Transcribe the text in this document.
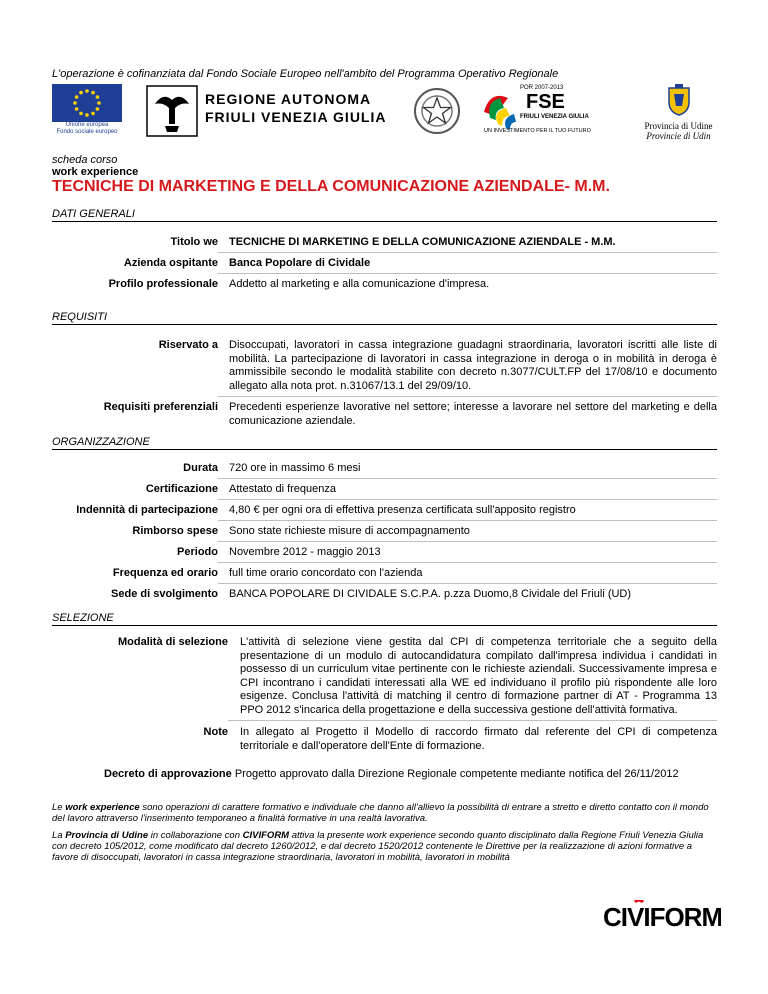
L'operazione è cofinanziata dal Fondo Sociale Europeo nell'ambito del Programma Operativo Regionale
Unione europea
Fondo sociale europeo
REGIONE AUTONOMA
FRIULI VENEZIA GIULIA
POR 2007-2013
FSE
FRIULI VENEZIA GIULIA
UN INVESTIMENTO PER IL TUO FUTURO	Provincia di Udine
Provincie di Udin
scheda corso
work experience
TECNICHE DI MARKETING E DELLA COMUNICAZIONE AZIENDALE- M.M.
DATI GENERALI
Titolo we TECNICHE DI MARKETING E DELLA COMUNICAZIONE AZIENDALE - M.M.
Azienda ospitante Banca Popolare di Cividale
Profilo professionale Addetto al marketing e alla comunicazione d'impresa.
REQUISITI
Riservato a Disoccupati, lavoratori in cassa integrazione guadagni straordinaria, lavoratori iscritti alle liste di mobilità. La partecipazione di lavoratori in cassa integrazione in deroga o in mobilità in deroga è ammissibile secondo le modalità stabilite con decreto n.3077/CULT.FP del 17/08/10 e documento allegato alla nota prot. n.31067/13.1 del 29/09/10.
Requisiti preferenziali Precedenti esperienze lavorative nel settore; interesse a lavorare nel settore del marketing e della comunicazione aziendale.
ORGANIZZAZIONE
Durata 720 ore in massimo 6 mesi
Certificazione Attestato di frequenza
Indennità di partecipazione 4,80 € per ogni ora di effettiva presenza certificata sull'apposito registro
Rimborso spese Sono state richieste misure di accompagnamento
Periodo Novembre 2012 - maggio 2013
Frequenza ed orario full time orario concordato con l'azienda
Sede di svolgimento BANCA POPOLARE DI CIVIDALE S.C.P.A. p.zza Duomo,8 Cividale del Friuli (UD)
SELEZIONE
Modalità di selezione L'attività di selezione viene gestita dal CPI di competenza territoriale che a seguito della presentazione di un modulo di autocandidatura compilato dall'impresa individua i candidati in possesso di un curriculum vitae pertinente con le richieste aziendali. Successivamente impresa e CPI incontrano i candidati interessati alla WE ed individuano il profilo più rispondente alle loro esigenze. Conclusa l'attività di matching il centro di formazione partner di AT - Programma 13 PPO 2012 s'incarica della progettazione e della successiva gestione dell'attività formativa.
Note In allegato al Progetto il Modello di raccordo firmato dal referente del CPI di competenza territoriale e dall'operatore dell'Ente di formazione.
Decreto di approvazione Progetto approvato dalla Direzione Regionale competente mediante notifica del 26/11/2012
Le work experience sono operazioni di carattere formativo e individuale che danno all'allievo la possibilità di entrare a stretto e diretto contatto con il mondo del lavoro attraverso l'inserimento temporaneo a finalità formative in una realtà lavorativa.
La Provincia di Udine in collaborazione con CIVIFORM attiva la presente work experience secondo quanto disciplinato dalla Regione Friuli Venezia Giulia con decreto 105/2012, come modificato dal decreto 1260/2012, e dal decreto 1520/2012 contenente le Direttive per la realizzazione di azioni formative a favore di disoccupati, lavoratori in cassa integrazione straordinaria, lavoratori in mobilità, lavoratori in mobilità
CIVIFORM
